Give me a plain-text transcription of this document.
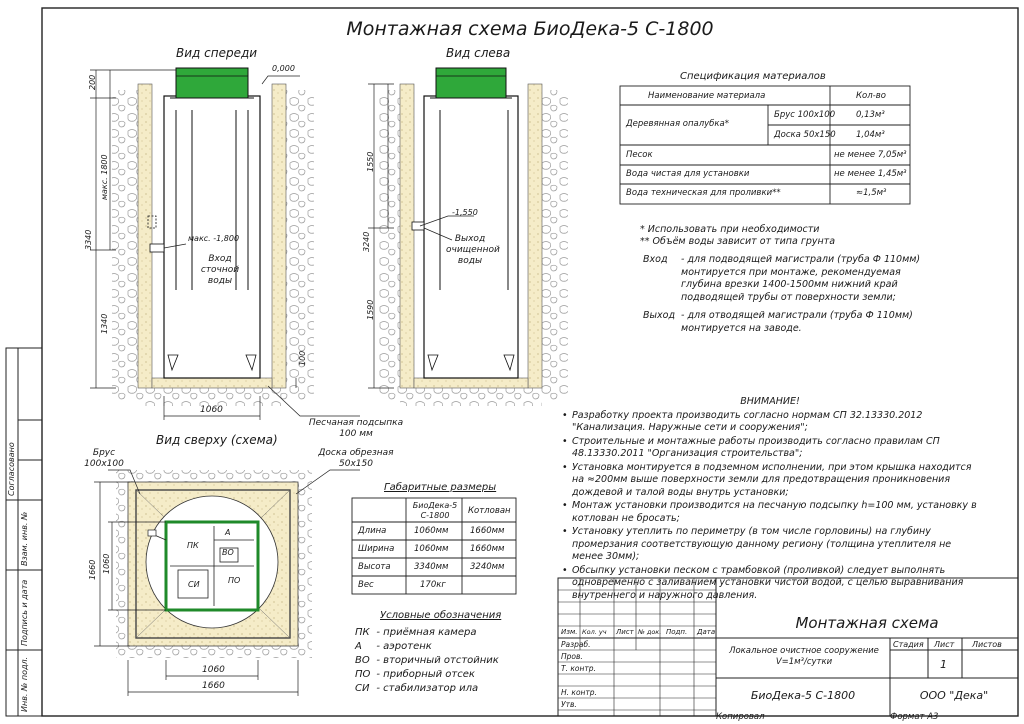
Монтажная схема БиоДека-5 С-1800
Вид спереди	Вид слева
Вид сверху (схема)
0,000
макс. -1,800
Вход
сточной
воды
200
макс. 1800
3340
1340
100
1060
1550
3240
1590
-1,550
Выход
очищенной
воды
Песчаная подсыпка
100 мм
Брус
100х100
Доска обрезная
50х150
ПК
А
ВО
СИ	ПО
1060
1660
1060
1660
Спецификация материалов
Наименование материала	Кол-во
Деревянная опалубка*
Брус 100х100 0,13м³
Доска 50х150 1,04м³
Песок	не менее 7,05м³
Вода чистая для установки	не менее 1,45м³
Вода техническая для проливки**	≈1,5м³
* Использовать при необходимости
** Объём воды зависит от типа грунта
Вход	- для подводящей магистрали (труба Ф 110мм) монтируется при монтаже, рекомендуемая глубина врезки 1400-1500мм нижний край подводящей трубы от поверхности земли;
Выход	- для отводящей магистрали (труба Ф 110мм) монтируется на заводе.
ВНИМАНИЕ!
• Разработку проекта производить согласно нормам СП 32.13330.2012 "Канализация. Наружные сети и сооружения";
• Строительные и монтажные работы производить согласно правилам СП 48.13330.2011 "Организация строительства";
• Установка монтируется в подземном исполнении, при этом крышка находится на ≈200мм выше поверхности земли для предотвращения проникновения дождевой и талой воды внутрь установки;
• Монтаж установки производится на песчаную подсыпку h=100 мм, установку в котлован не бросать;
• Установку утеплить по периметру (в том числе горловины) на глубину промерзания соответствующую данному региону (толщина утеплителя не менее 30мм);
• Обсыпку установки песком с трамбовкой (проливкой) следует выполнять одновременно с заливанием установки чистой водой, с целью выравнивания внутреннего и наружного давления.
Габаритные размеры
БиоДека-5 С-1800	Котлован
Длина	1060мм	1660мм
Ширина 1060мм	1660мм
Высота	3340мм	3240мм
Вес	170кг
Условные обозначения
ПК	- приёмная камера
А	- аэротенк
ВО	- вторичный отстойник
ПО	- приборный отсек
СИ	- стабилизатор ила
Изм. Кол. уч Лист № док. Подп. Дата
Разраб.
Пров.
Т. контр.
Н. контр.
Утв.
Монтажная схема
Локальное очистное сооружение V=1м³/сутки
Стадия Лист Листов
1
БиоДека-5 С-1800	ООО "Дека"
Копировал	Формат А3
Согласовано
Взам. инв. №
Подпись и дата
Инв. № подл.
